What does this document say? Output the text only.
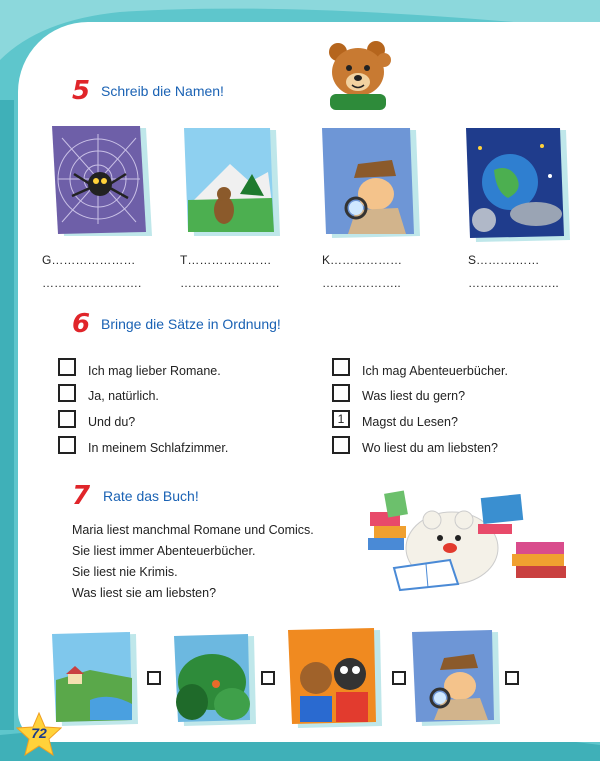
5 Schreib die Namen!
G…………………
…………………….
T…………………
…………………….
K………………
………………..
S……….……
…………………..
6 Bringe die Sätze in Ordnung!
Ich mag lieber Romane.
Ja, natürlich.
Und du?
In meinem Schlafzimmer.
Ich mag Abenteuerbücher.
Was liest du gern?
1	Magst du Lesen?
Wo liest du am liebsten?
7 Rate das Buch!
Maria liest manchmal Romane und Comics.
Sie liest immer Abenteuerbücher.
Sie liest nie Krimis.
Was liest sie am liebsten?
72
